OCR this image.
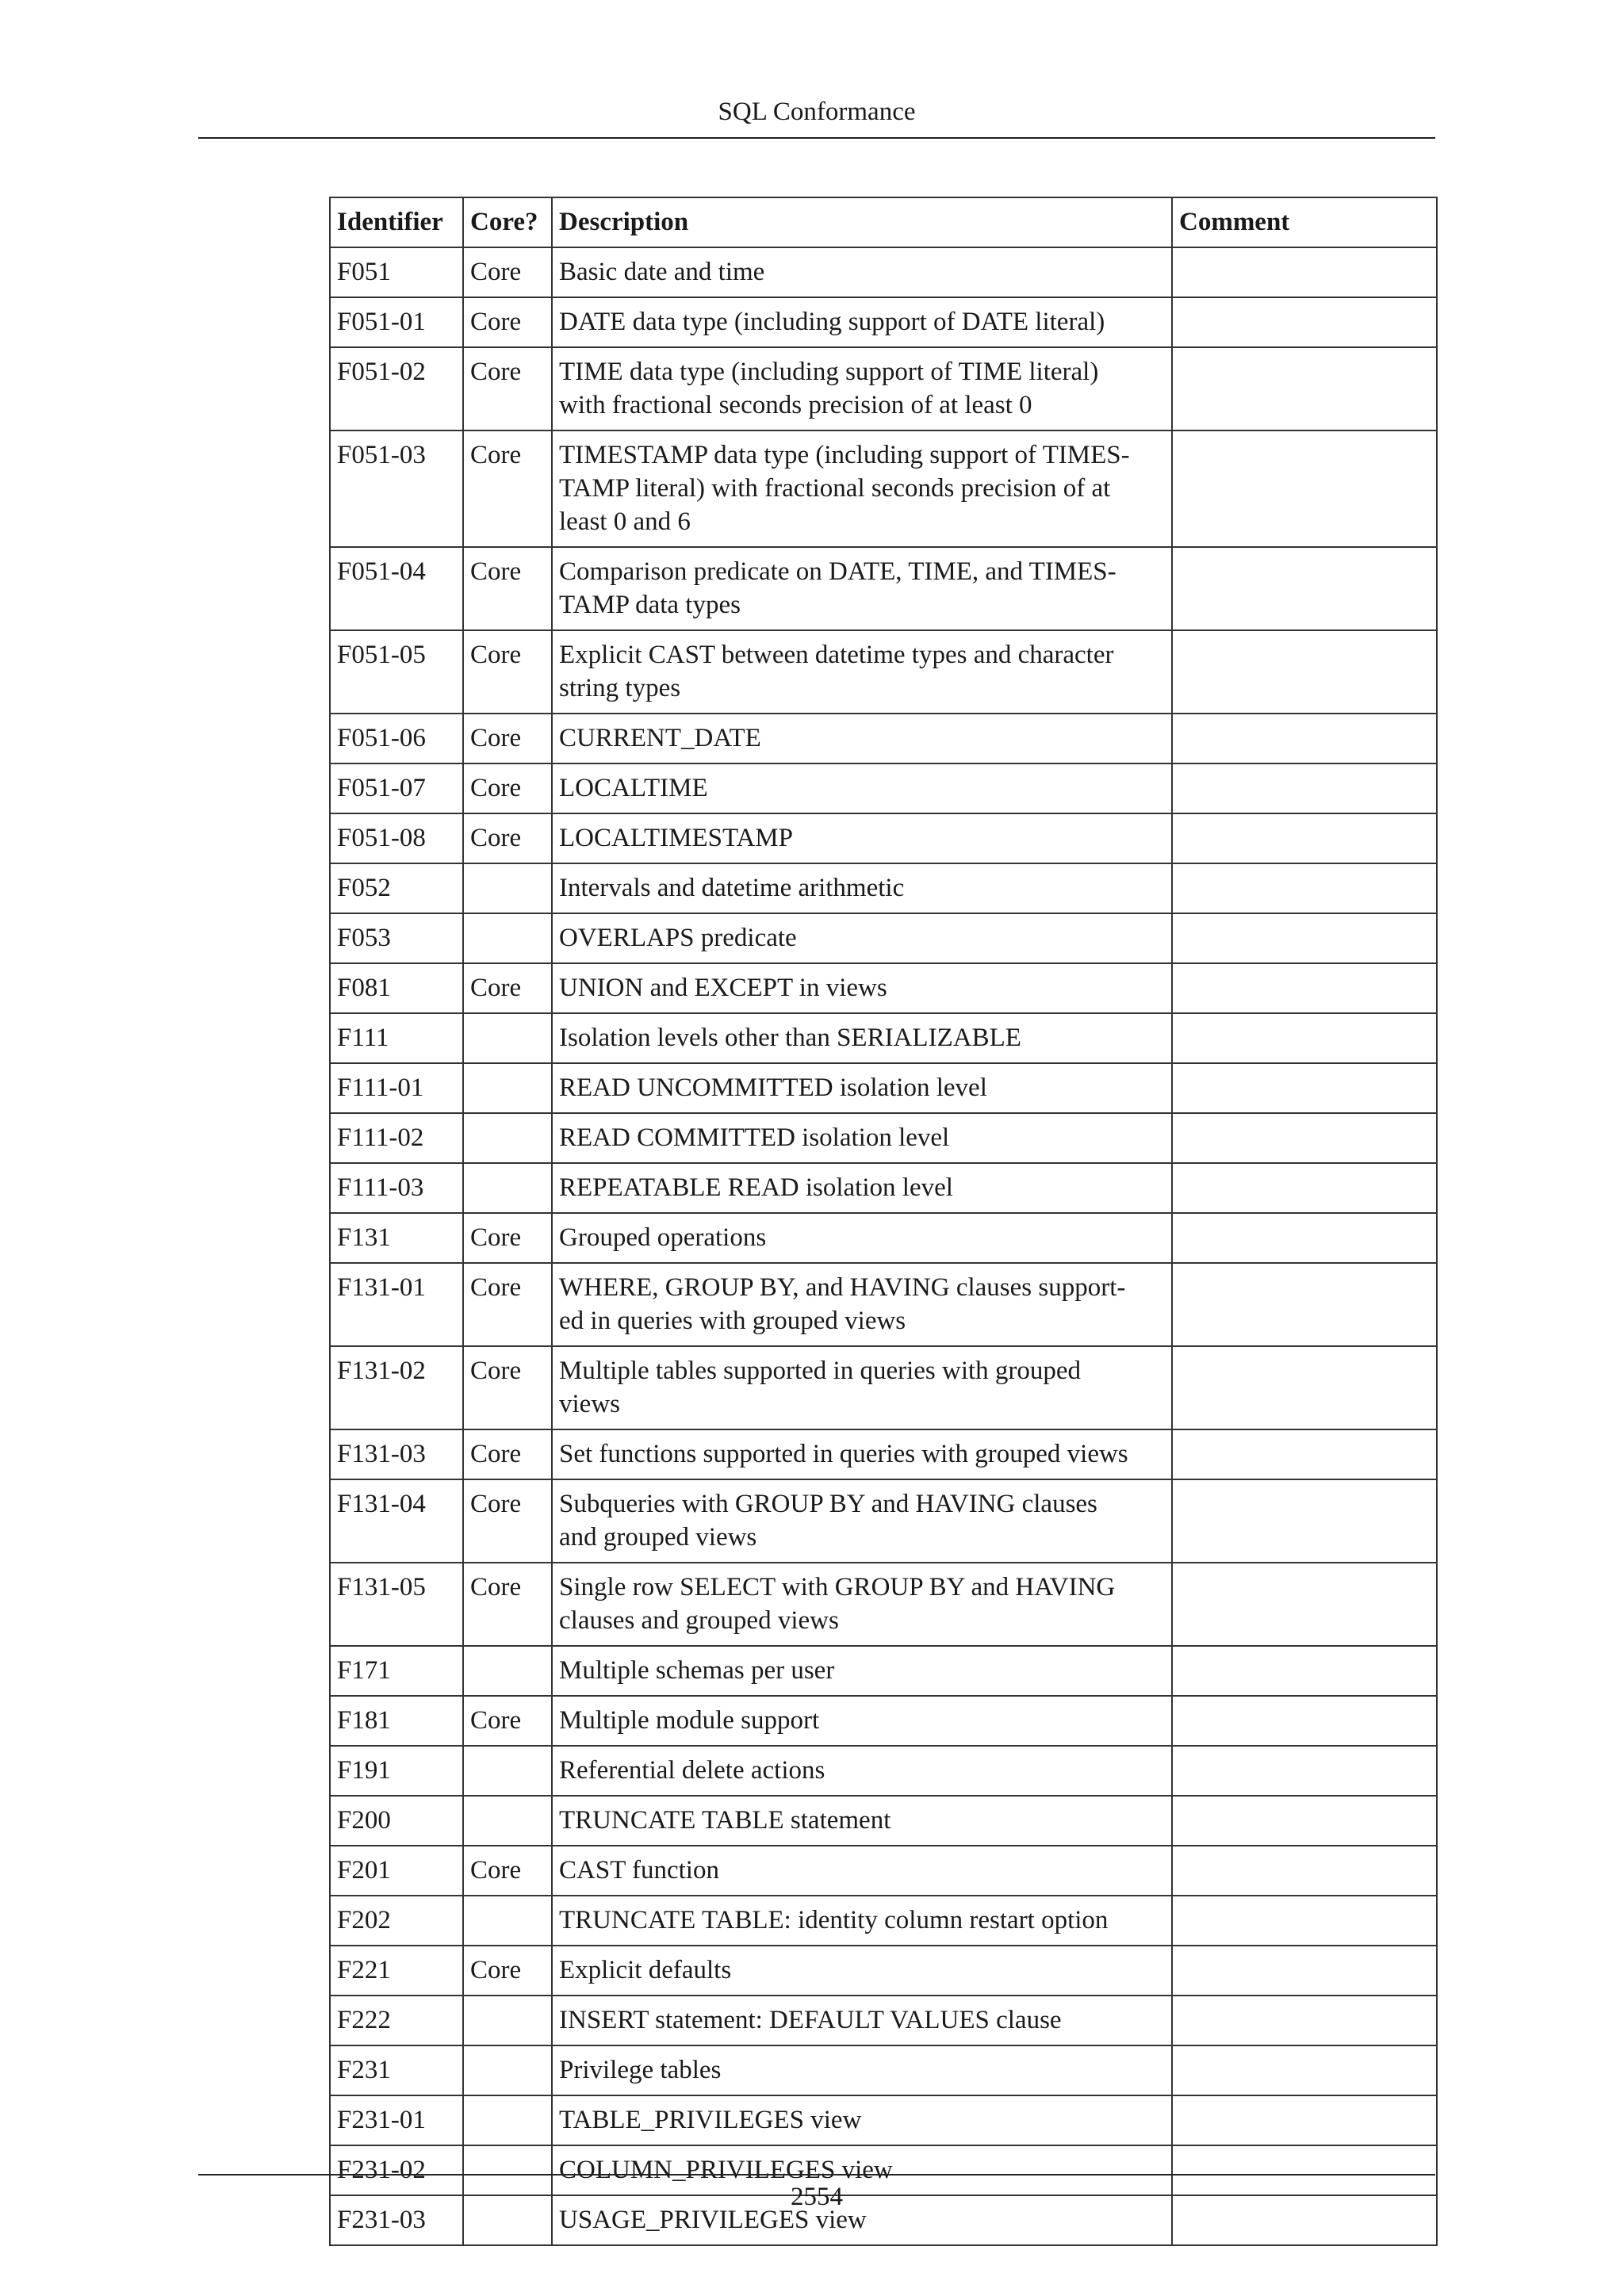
SQL Conformance
Identifier	Core?	Description	Comment
F051	Core	Basic date and time	
F051-01	Core	DATE data type (including support of DATE literal)	
F051-02	Core	TIME data type (including support of TIME literal)
with fractional seconds precision of at least 0	
F051-03	Core	TIMESTAMP data type (including support of TIMES-
TAMP literal) with fractional seconds precision of at
least 0 and 6	
F051-04	Core	Comparison predicate on DATE, TIME, and TIMES-
TAMP data types	
F051-05	Core	Explicit CAST between datetime types and character
string types	
F051-06	Core	CURRENT_DATE	
F051-07	Core	LOCALTIME	
F051-08	Core	LOCALTIMESTAMP	
F052		Intervals and datetime arithmetic	
F053		OVERLAPS predicate	
F081	Core	UNION and EXCEPT in views	
F111		Isolation levels other than SERIALIZABLE	
F111-01		READ UNCOMMITTED isolation level	
F111-02		READ COMMITTED isolation level	
F111-03		REPEATABLE READ isolation level	
F131	Core	Grouped operations	
F131-01	Core	WHERE, GROUP BY, and HAVING clauses support-
ed in queries with grouped views	
F131-02	Core	Multiple tables supported in queries with grouped
views	
F131-03	Core	Set functions supported in queries with grouped views	
F131-04	Core	Subqueries with GROUP BY and HAVING clauses
and grouped views	
F131-05	Core	Single row SELECT with GROUP BY and HAVING
clauses and grouped views	
F171		Multiple schemas per user	
F181	Core	Multiple module support	
F191		Referential delete actions	
F200		TRUNCATE TABLE statement	
F201	Core	CAST function	
F202		TRUNCATE TABLE: identity column restart option	
F221	Core	Explicit defaults	
F222		INSERT statement: DEFAULT VALUES clause	
F231		Privilege tables	
F231-01		TABLE_PRIVILEGES view	
F231-02		COLUMN_PRIVILEGES view	
F231-03		USAGE_PRIVILEGES view	
2554
